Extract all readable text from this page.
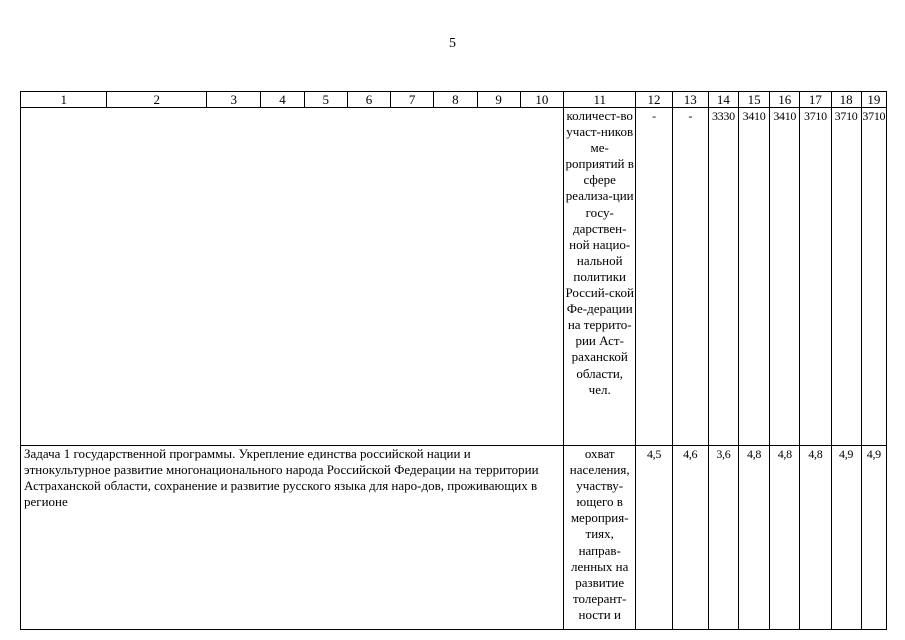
5
1	2	3	4	5	6	7	8	9	10	11	12	13	14	15	16	17	18	19
										количест-во участ-ников ме-роприятий в сфере реализа-ции госу-дарствен-ной нацио-нальной политики Россий-ской Фе-дерации на террито-рии Аст-раханской области, чел.	-	-	3330	3410	3410	3710	3710	3710
Задача 1 государственной программы. Укрепление единства российской нации и этнокультурное развитие многонационального народа Российской Федерации на территории Астраханской области, сохранение и развитие русского языка для наро-дов, проживающих в регионе										охват населения, участву-ющего в мероприя-тиях, направ-ленных на развитие толерант-ности и	4,5	4,6	3,6	4,8	4,8	4,8	4,9	4,9
